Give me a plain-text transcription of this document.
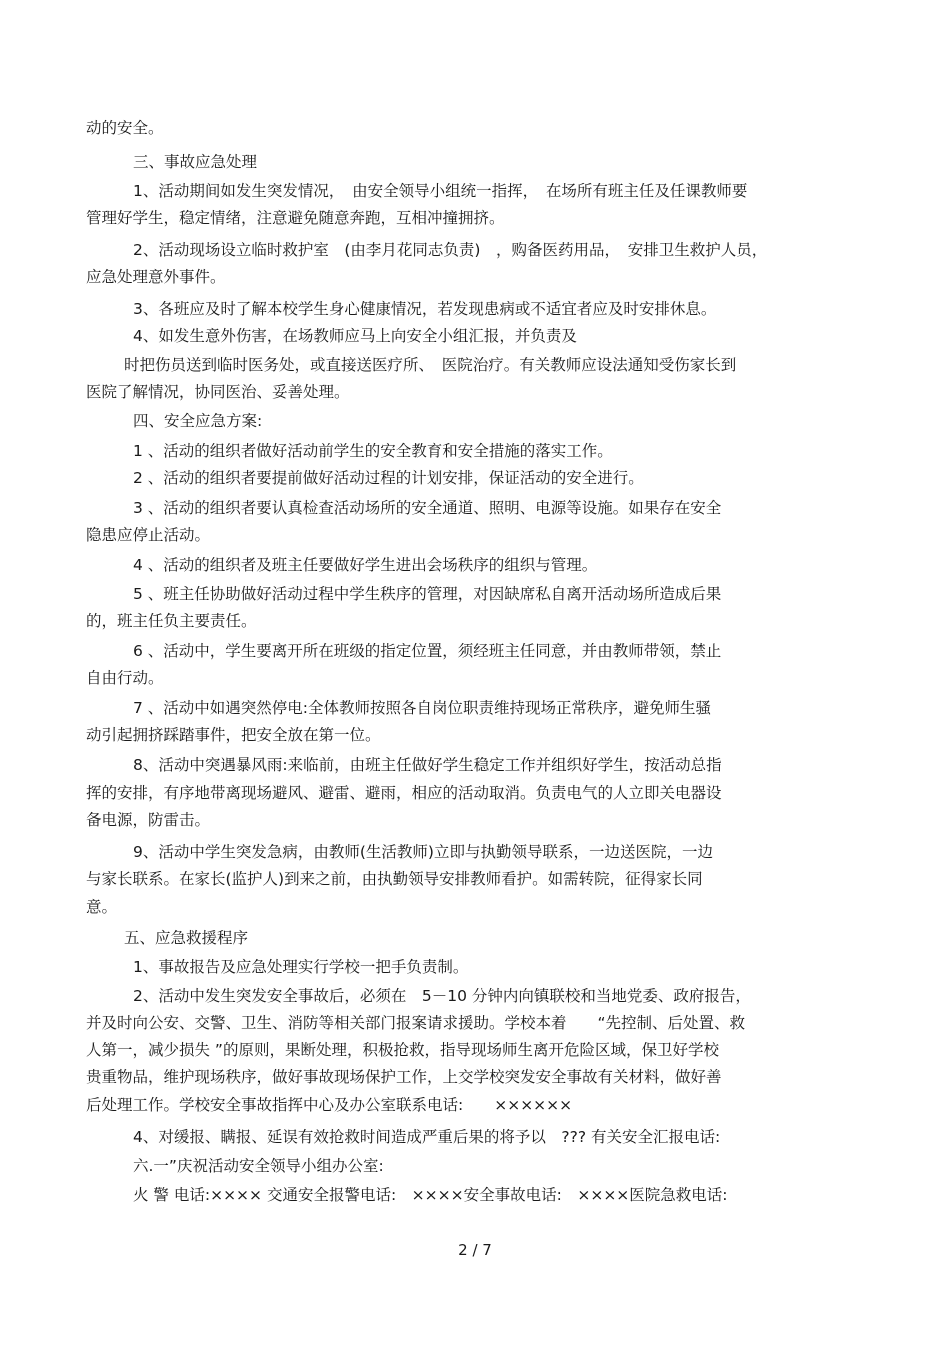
动的安全。
三、事故应急处理
1、活动期间如发生突发情况，　由安全领导小组统一指挥，　在场所有班主任及任课教师要
管理好学生，稳定情绪，注意避免随意奔跑，互相冲撞拥挤。
2、活动现场设立临时救护室　(由李月花同志负责)　，购备医药用品，　安排卫生救护人员，
应急处理意外事件。
3、各班应及时了解本校学生身心健康情况，若发现患病或不适宜者应及时安排休息。
4、如发生意外伤害，在场教师应马上向安全小组汇报，并负责及
时把伤员送到临时医务处，或直接送医疗所、　医院治疗。有关教师应设法通知受伤家长到
医院了解情况，协同医治、妥善处理。
四、安全应急方案:
1 、活动的组织者做好活动前学生的安全教育和安全措施的落实工作。
2 、活动的组织者要提前做好活动过程的计划安排，保证活动的安全进行。
3 、活动的组织者要认真检查活动场所的安全通道、照明、电源等设施。如果存在安全
隐患应停止活动。
4 、活动的组织者及班主任要做好学生进出会场秩序的组织与管理。
5 、班主任协助做好活动过程中学生秩序的管理，对因缺席私自离开活动场所造成后果
的，班主任负主要责任。
6 、活动中，学生要离开所在班级的指定位置，须经班主任同意，并由教师带领，禁止
自由行动。
7 、活动中如遇突然停电:全体教师按照各自岗位职责维持现场正常秩序，避免师生骚
动引起拥挤踩踏事件，把安全放在第一位。
8、活动中突遇暴风雨:来临前，由班主任做好学生稳定工作并组织好学生，按活动总指
挥的安排，有序地带离现场避风、避雷、避雨，相应的活动取消。负责电气的人立即关电器设
备电源，防雷击。
9、活动中学生突发急病，由教师(生活教师)立即与执勤领导联系，一边送医院，一边
与家长联系。在家长(监护人)到来之前，由执勤领导安排教师看护。如需转院，征得家长同
意。
五、应急救援程序
1、事故报告及应急处理实行学校一把手负责制。
2、活动中发生突发安全事故后，必须在　5－10 分钟内向镇联校和当地党委、政府报告，
并及时向公安、交警、卫生、消防等相关部门报案请求援助。学校本着　　“先控制、后处置、救
人第一，减少损失 ”的原则，果断处理，积极抢救，指导现场师生离开危险区域，保卫好学校
贵重物品，维护现场秩序，做好事故现场保护工作，上交学校突发安全事故有关材料，做好善
后处理工作。学校安全事故指挥中心及办公室联系电话:　　××××××
4、对缓报、瞒报、延误有效抢救时间造成严重后果的将予以　??? 有关安全汇报电话:
六.一”庆祝活动安全领导小组办公室:
火 警 电话:×××× 交通安全报警电话:　××××安全事故电话:　××××医院急救电话:
2 / 7
